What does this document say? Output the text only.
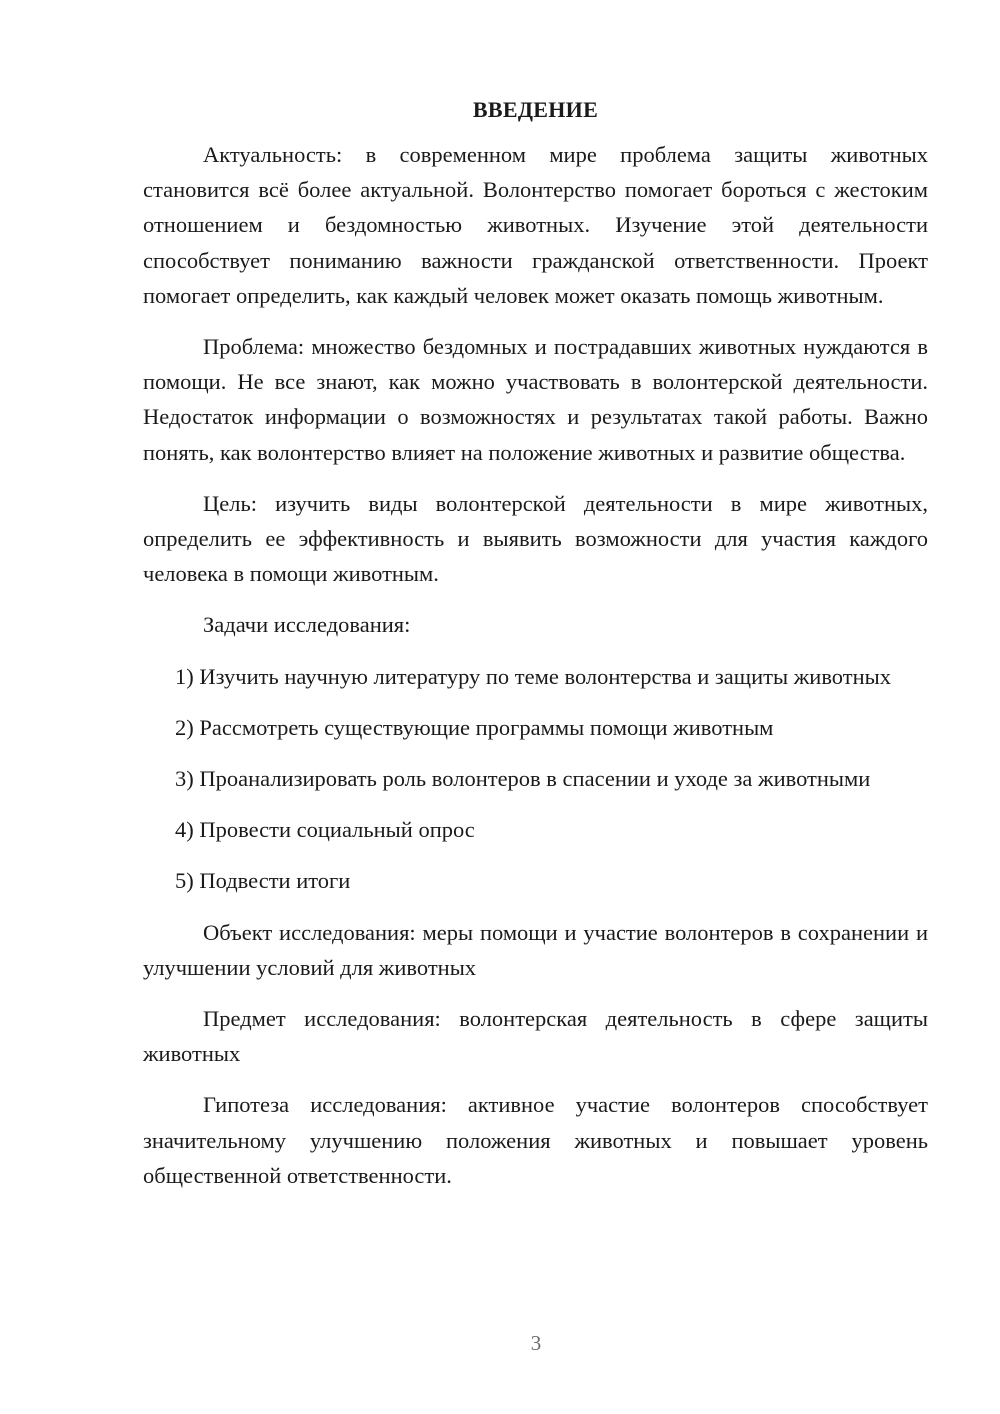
ВВЕДЕНИЕ

Актуальность: в современном мире проблема защиты животных становится всё более актуальной. Волонтерство помогает бороться с жестоким отношением и бездомностью животных. Изучение этой деятельности способствует пониманию важности гражданской ответственности. Проект помогает определить, как каждый человек может оказать помощь животным.

Проблема: множество бездомных и пострадавших животных нуждаются в помощи. Не все знают, как можно участвовать в волонтерской деятельности. Недостаток информации о возможностях и результатах такой работы. Важно понять, как волонтерство влияет на положение животных и развитие общества.

Цель: изучить виды волонтерской деятельности в мире животных, определить ее эффективность и выявить возможности для участия каждого человека в помощи животным.

Задачи исследования:

1) Изучить научную литературу по теме волонтерства и защиты животных

2) Рассмотреть существующие программы помощи животным

3) Проанализировать роль волонтеров в спасении и уходе за животными

4) Провести социальный опрос

5) Подвести итоги

Объект исследования: меры помощи и участие волонтеров в сохранении и улучшении условий для животных

Предмет исследования: волонтерская деятельность в сфере защиты животных

Гипотеза исследования: активное участие волонтеров способствует значительному улучшению положения животных и повышает уровень общественной ответственности.

3
